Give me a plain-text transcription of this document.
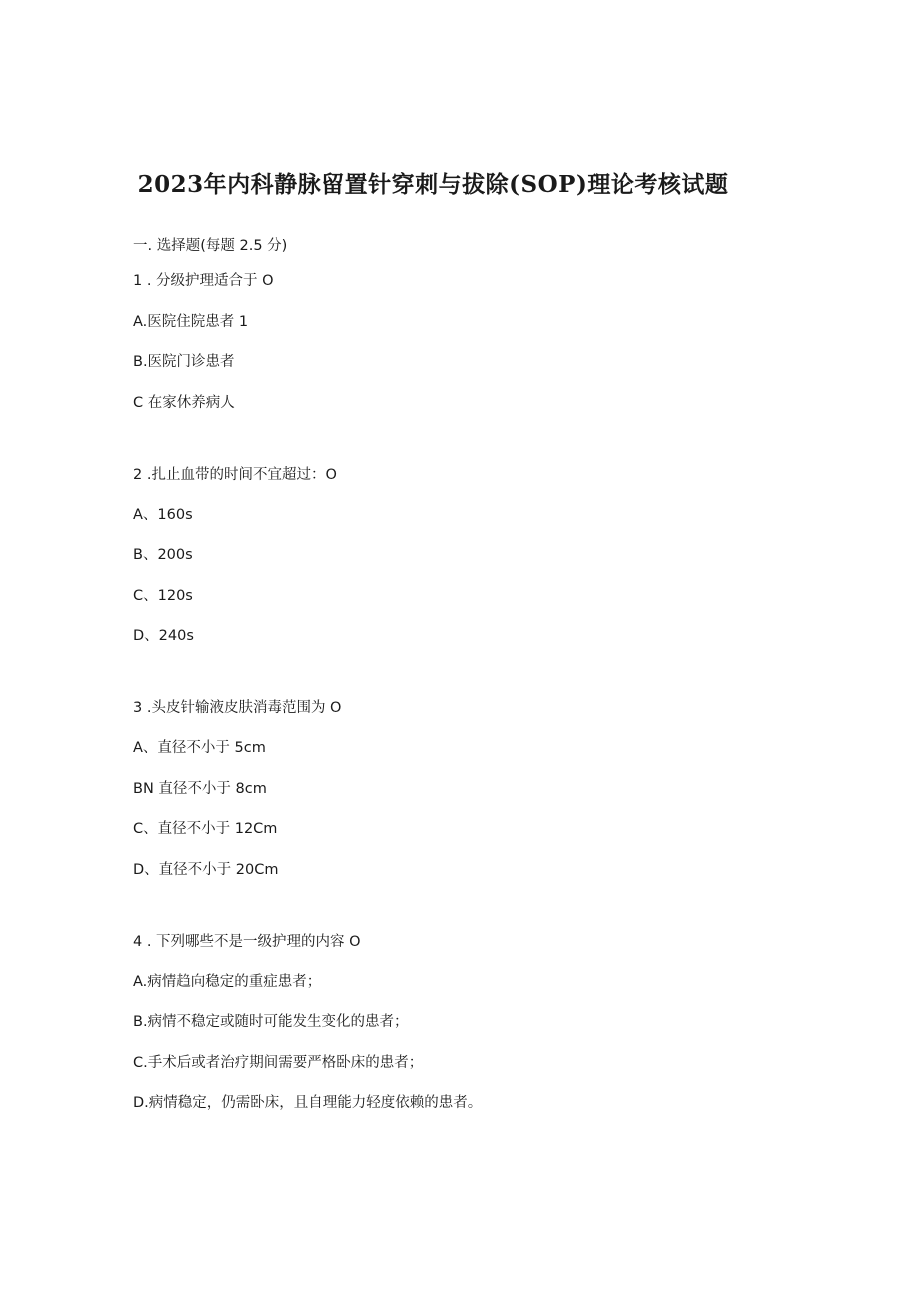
2023年内科静脉留置针穿刺与拔除(SOP)理论考核试题
一. 选择题(每题 2.5 分)
1 . 分级护理适合于 O
A.医院住院患者 1
B.医院门诊患者
C 在家休养病人
2 .扎止血带的时间不宜超过：O
A、160s
B、200s
C、120s
D、240s
3 .头皮针输液皮肤消毒范围为 O
A、直径不小于 5cm
BN 直径不小于 8cm
C、直径不小于 12Cm
D、直径不小于 20Cm
4 . 下列哪些不是一级护理的内容 O
A.病情趋向稳定的重症患者；
B.病情不稳定或随时可能发生变化的患者；
C.手术后或者治疗期间需要严格卧床的患者；
D.病情稳定，仍需卧床，且自理能力轻度依赖的患者。
